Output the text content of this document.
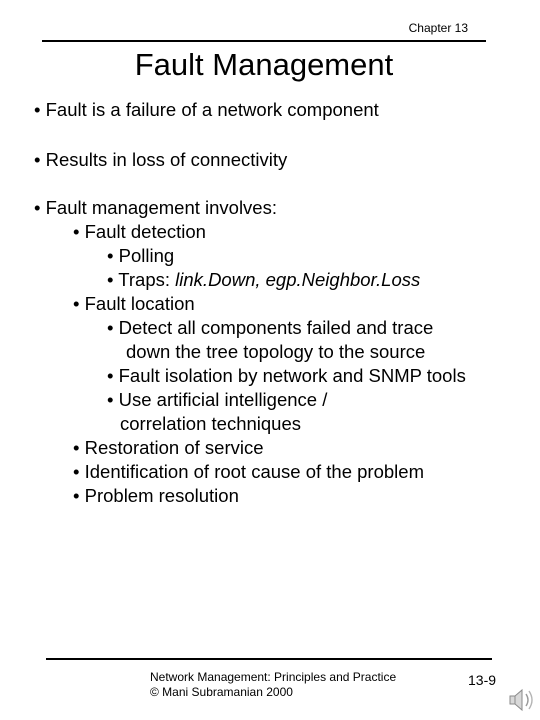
Chapter 13
Fault Management
• Fault is a failure of a network component
• Results in loss of connectivity
• Fault management involves:
• Fault detection
• Polling
• Traps: link.Down, egp.Neighbor.Loss
• Fault location
• Detect all components failed and trace
down the tree topology to the source
• Fault isolation by network and SNMP tools
• Use artificial intelligence /
correlation techniques
• Restoration of service
• Identification of root cause of the problem
• Problem resolution
Network Management: Principles and Practice
© Mani Subramanian 2000
13-9
